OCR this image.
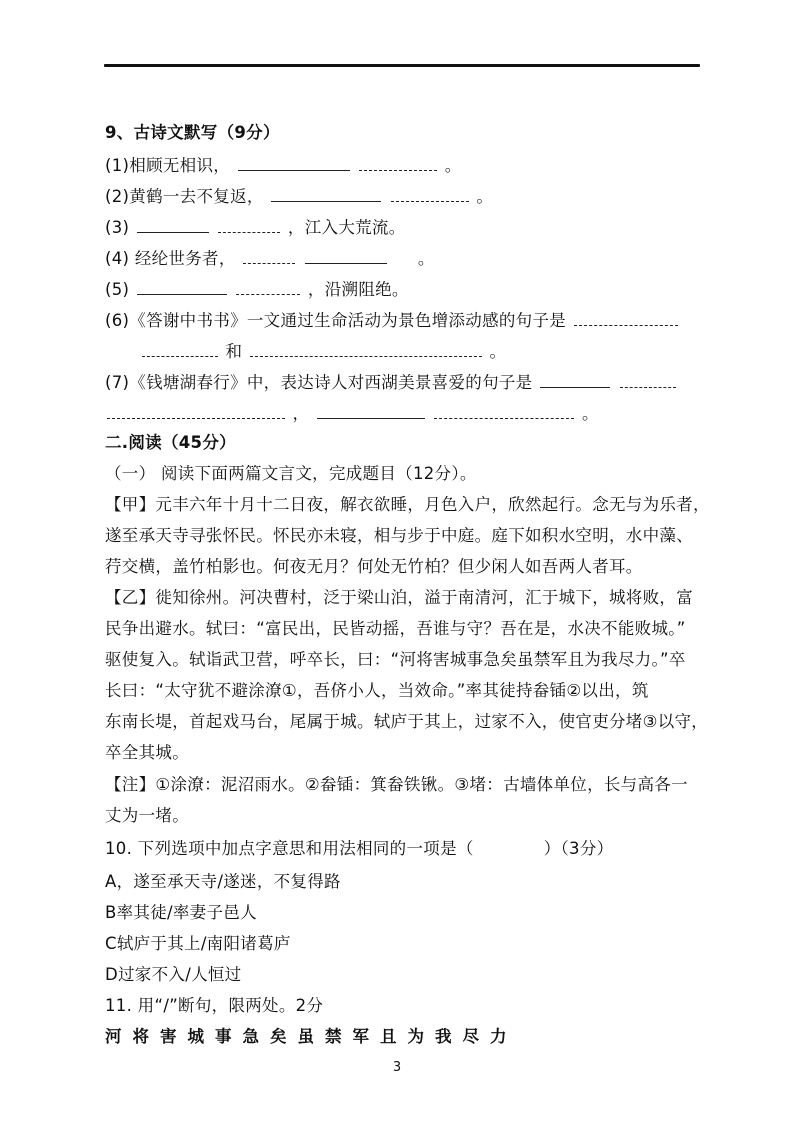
9、古诗文默写（9分）
(1)相顾无相识，	。
(2)黄鹤一去不复返，	。
(3)	，江入大荒流。
(4) 经纶世务者，	。
(5)	，沿溯阻绝。
(6)《答谢中书书》一文通过生命活动为景色增添动感的句子是
和	。
(7)《钱塘湖春行》中，表达诗人对西湖美景喜爱的句子是
，	。
二.阅读（45分）
（一） 阅读下面两篇文言文，完成题目（12分）。
【甲】元丰六年十月十二日夜，解衣欲睡，月色入户，欣然起行。念无与为乐者，
遂至承天寺寻张怀民。怀民亦未寝，相与步于中庭。庭下如积水空明，水中藻、
荇交横，盖竹柏影也。何夜无月？何处无竹柏？但少闲人如吾两人者耳。
【乙】徙知徐州。河决曹村，泛于梁山泊，溢于南清河，汇于城下，城将败，富
民争出避水。轼曰：“富民出，民皆动摇，吾谁与守？吾在是，水决不能败城。”
驱使复入。轼诣武卫营，呼卒长，曰：“河将害城事急矣虽禁军且为我尽力。”卒
长曰：“太守犹不避涂潦①，吾侪小人，当效命。”率其徒持畚锸②以出，筑
东南长堤，首起戏马台，尾属于城。轼庐于其上，过家不入，使官吏分堵③以守，
卒全其城。
【注】①涂潦：泥沼雨水。②畚锸：箕畚铁锹。③堵：古墙体单位，长与高各一
丈为一堵。
10. 下列选项中加点字意思和用法相同的一项是（	）（3分）
A，遂至承天寺/遂迷，不复得路
B率其徒/率妻子邑人
C轼庐于其上/南阳诸葛庐
D过家不入/人恒过
11. 用“/”断句，限两处。2分
河将害城事急矣虽禁军且为我尽力
3
